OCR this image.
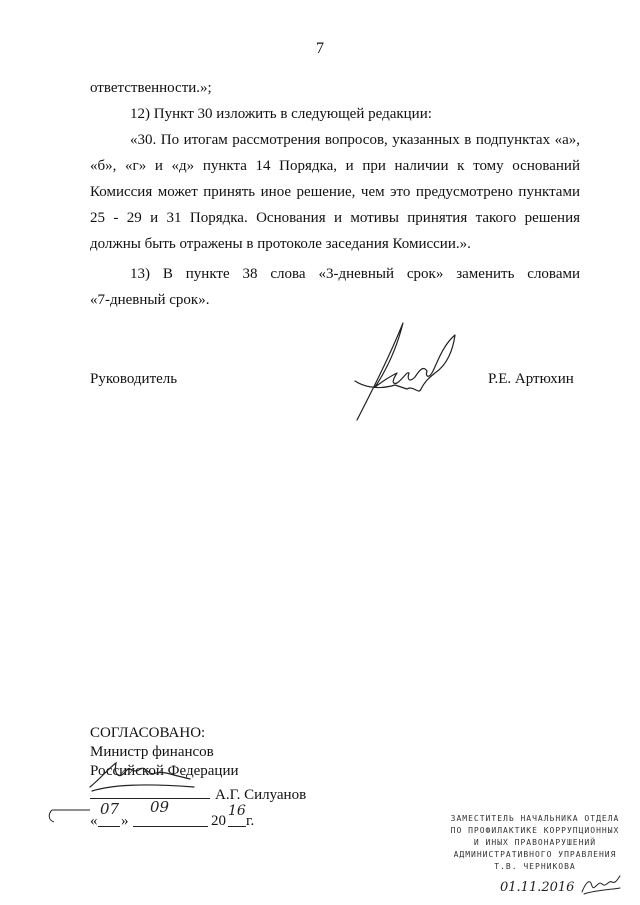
7
ответственности.»;
12) Пункт 30 изложить в следующей редакции:
«30. По итогам рассмотрения вопросов, указанных в подпунктах «а»,
«б», «г» и «д» пункта 14 Порядка, и при наличии к тому оснований
Комиссия может принять иное решение, чем это предусмотрено пунктами
25 - 29 и 31 Порядка. Основания и мотивы принятия такого решения
должны быть отражены в протоколе заседания Комиссии.».
13) В пункте 38 слова «3-дневный срок» заменить словами
«7-дневный срок».
Руководитель	Р.Е. Артюхин
СОГЛАСОВАНО:
Министр финансов
Российской Федерации
А.Г. Силуанов
«
07
»
09
20
16
г.	ЗАМЕСТИТЕЛЬ НАЧАЛЬНИКА ОТДЕЛА
ПО ПРОФИЛАКТИКЕ КОРРУПЦИОННЫХ
И ИНЫХ ПРАВОНАРУШЕНИЙ
АДМИНИСТРАТИВНОГО УПРАВЛЕНИЯ
Т.В. ЧЕРНИКОВА
01.11.2016
